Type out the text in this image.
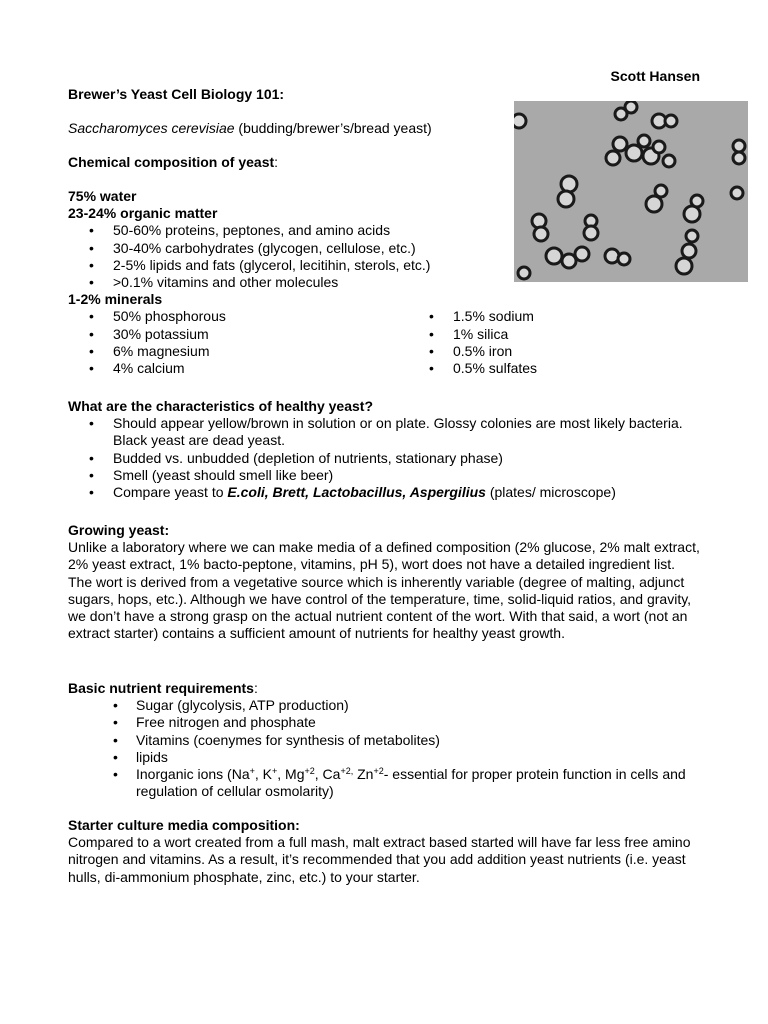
Scott Hansen

Brewer’s Yeast Cell Biology 101:

Saccharomyces cerevisiae (budding/brewer’s/bread yeast)

Chemical composition of yeast:

75% water

23-24% organic matter

• 50-60% proteins, peptones, and amino acids
• 30-40% carbohydrates (glycogen, cellulose, etc.)
• 2-5% lipids and fats (glycerol, lecitihin, sterols, etc.)
• >0.1% vitamins and other molecules

1-2% minerals

• 50% phosphorous
• 30% potassium
• 6% magnesium
• 4% calcium
• 1.5% sodium
• 1% silica
• 0.5% iron
• 0.5% sulfates

What are the characteristics of healthy yeast?

• Should appear yellow/brown in solution or on plate. Glossy colonies are most likely bacteria. Black yeast are dead yeast.
• Budded vs. unbudded (depletion of nutrients, stationary phase)
• Smell (yeast should smell like beer)
• Compare yeast to E.coli, Brett, Lactobacillus, Aspergilius (plates/ microscope)

Growing yeast:

Unlike a laboratory where we can make media of a defined composition (2% glucose, 2% malt extract, 2% yeast extract, 1% bacto-peptone, vitamins, pH 5), wort does not have a detailed ingredient list. The wort is derived from a vegetative source which is inherently variable (degree of malting, adjunct sugars, hops, etc.). Although we have control of the temperature, time, solid-liquid ratios, and gravity, we don’t have a strong grasp on the actual nutrient content of the wort. With that said, a wort (not an extract starter) contains a sufficient amount of nutrients for healthy yeast growth.

Basic nutrient requirements:

• Sugar (glycolysis, ATP production)
• Free nitrogen and phosphate
• Vitamins (coenymes for synthesis of metabolites)
• lipids
• Inorganic ions (Na+, K+, $Mg^{+2}$, $Ca^{+2,}$ $Zn^{+2}-$ essential for proper protein function in cells and regulation of cellular osmolarity)

Starter culture media composition:

Compared to a wort created from a full mash, malt extract based started will have far less free amino nitrogen and vitamins. As a result, it’s recommended that you add addition yeast nutrients (i.e. yeast hulls, di-ammonium phosphate, zinc, etc.) to your starter.
